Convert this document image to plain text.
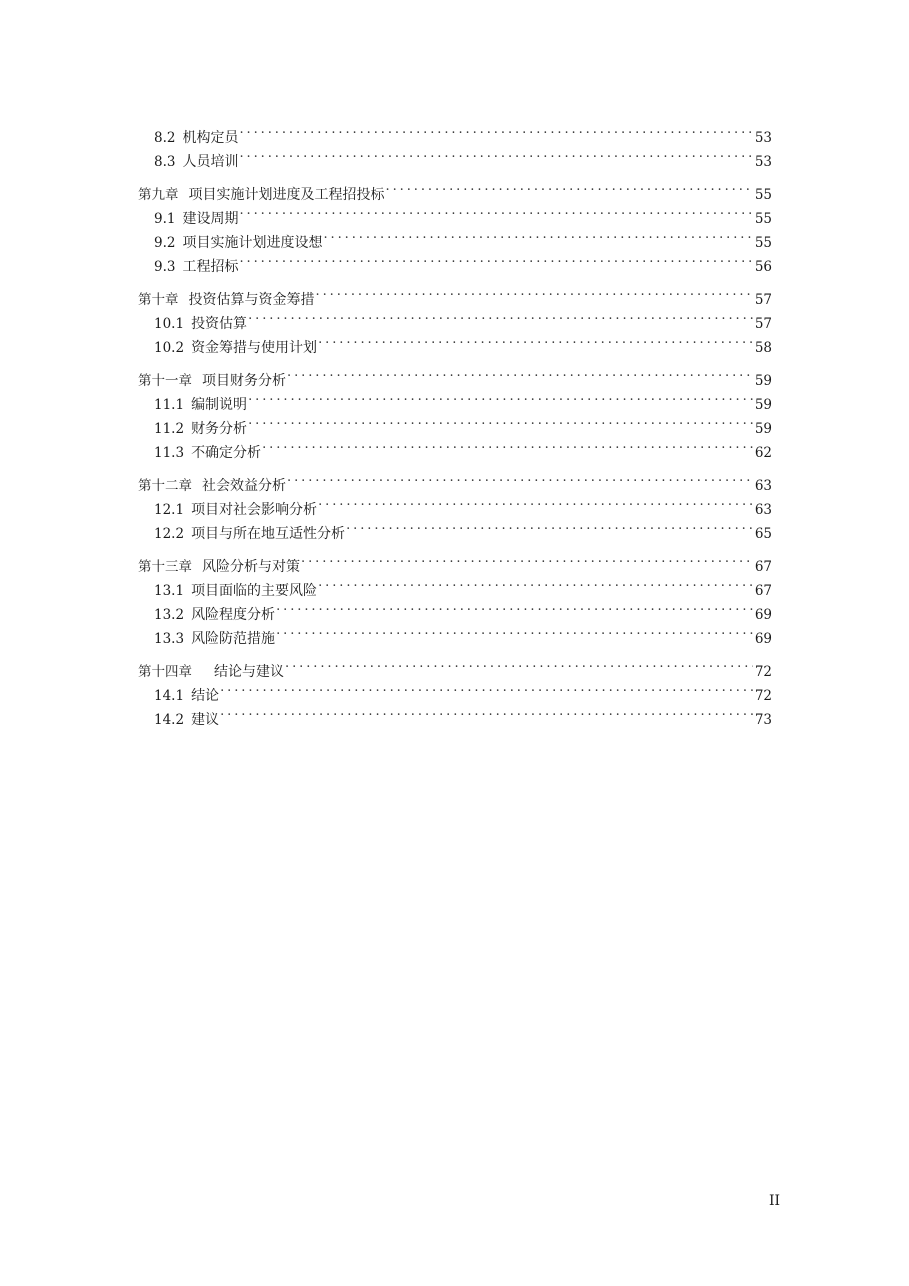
8.2 机构定员 . . .	53
8.3 人员培训 . . .	53
第九章 项目实施计划进度及工程招投标 . . .	55
9.1 建设周期 . . .	55
9.2 项目实施计划进度设想 . . .	55
9.3 工程招标 . . .	56
第十章 投资估算与资金筹措 . . .	57
10.1 投资估算 . . .	57
10.2 资金筹措与使用计划 . . .	58
第十一章 项目财务分析 . . .	59
11.1 编制说明 . . .	59
11.2 财务分析 . . .	59
11.3 不确定分析 . . .	62
第十二章 社会效益分析 . . .	63
12.1 项目对社会影响分析 . . .	63
12.2 项目与所在地互适性分析 . . .	65
第十三章 风险分析与对策 . . .	67
13.1 项目面临的主要风险 . . .	67
13.2 风险程度分析 . . .	69
13.3 风险防范措施 . . .	69
第十四章 结论与建议 . . .	72
14.1 结论 . . .	72
14.2 建议 . . .	73
II
